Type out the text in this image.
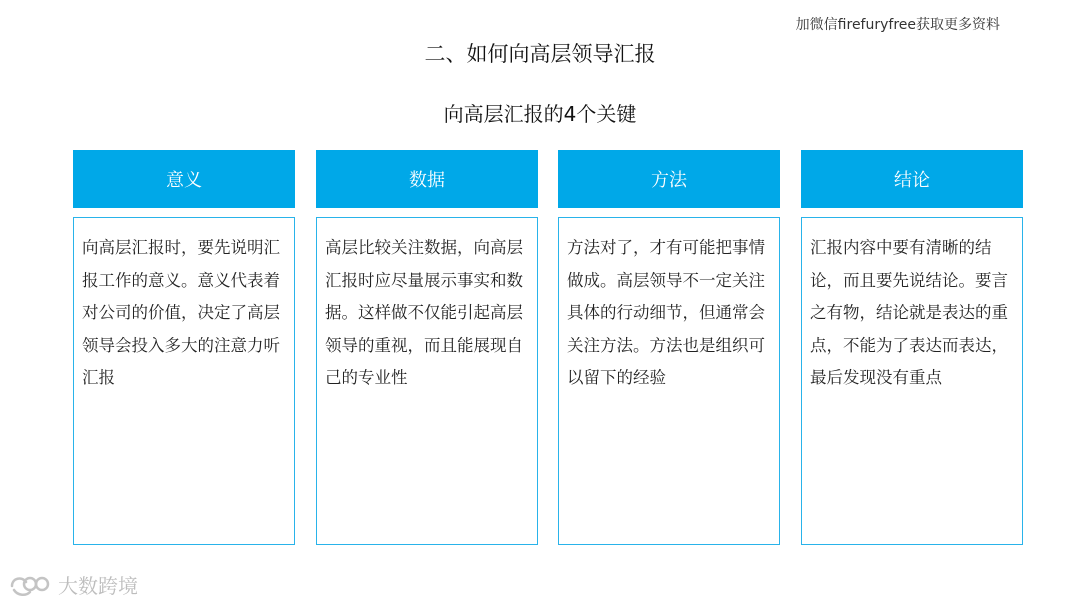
加微信firefuryfree获取更多资料
二、如何向高层领导汇报
向高层汇报的4个关键
意义
向高层汇报时，要先说明汇报工作的意义。意义代表着对公司的价值，决定了高层领导会投入多大的注意力听汇报
数据
高层比较关注数据，向高层汇报时应尽量展示事实和数据。这样做不仅能引起高层领导的重视，而且能展现自己的专业性
方法
方法对了，才有可能把事情做成。高层领导不一定关注具体的行动细节，但通常会关注方法。方法也是组织可以留下的经验
结论
汇报内容中要有清晰的结论，而且要先说结论。要言之有物，结论就是表达的重点，不能为了表达而表达，最后发现没有重点
大数跨境
